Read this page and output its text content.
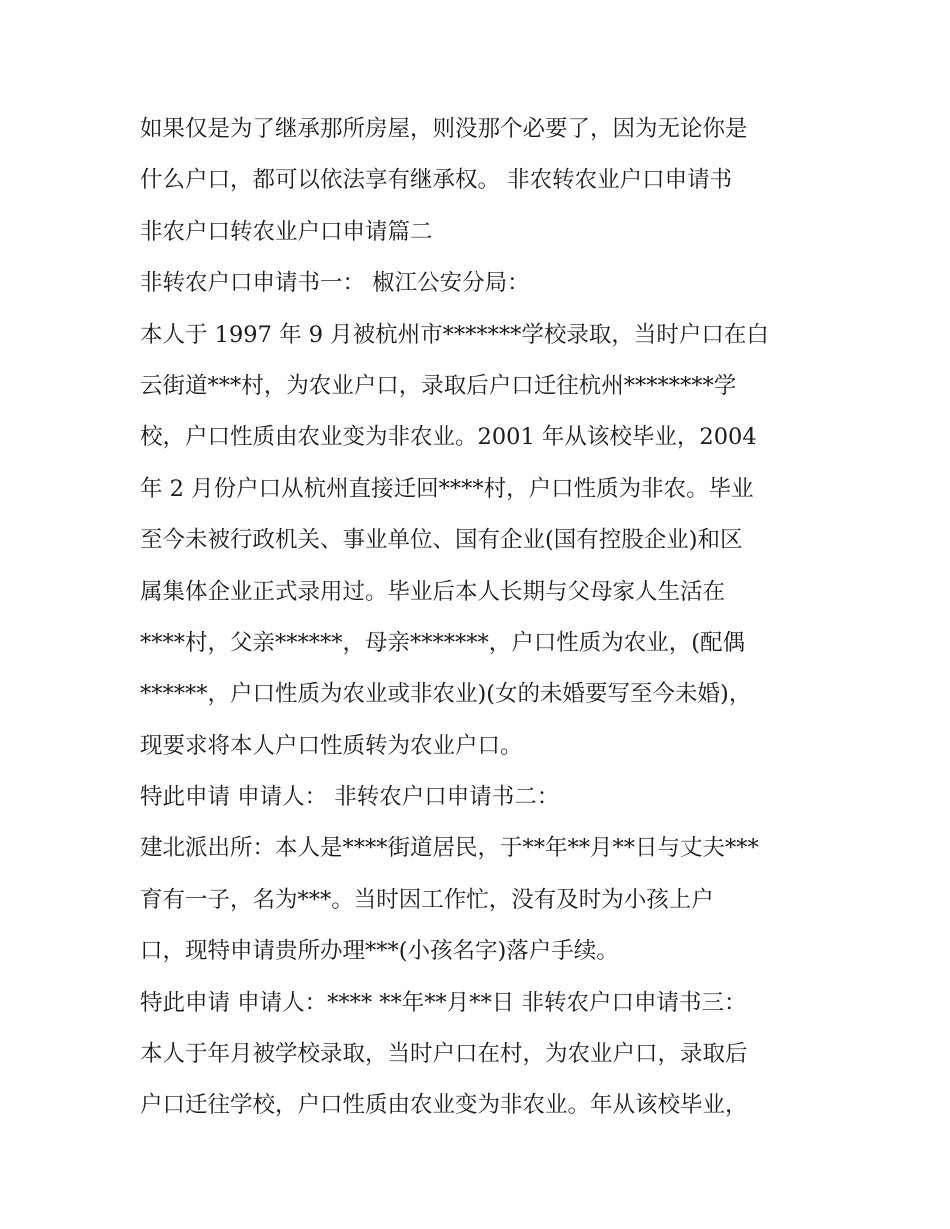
如果仅是为了继承那所房屋，则没那个必要了，因为无论你是
什么户口，都可以依法享有继承权。 非农转农业户口申请书
非农户口转农业户口申请篇二
非转农户口申请书一： 椒江公安分局：
本人于 1997 年 9 月被杭州市*******学校录取，当时户口在白
云街道***村，为农业户口，录取后户口迁往杭州********学
校，户口性质由农业变为非农业。2001 年从该校毕业，2004
年 2 月份户口从杭州直接迁回****村，户口性质为非农。毕业
至今未被行政机关、事业单位、国有企业(国有控股企业)和区
属集体企业正式录用过。毕业后本人长期与父母家人生活在
****村，父亲******，母亲*******，户口性质为农业，(配偶
******，户口性质为农业或非农业)(女的未婚要写至今未婚)，
现要求将本人户口性质转为农业户口。
特此申请 申请人： 非转农户口申请书二：
建北派出所：本人是****街道居民，于**年**月**日与丈夫***
育有一子，名为***。当时因工作忙，没有及时为小孩上户
口，现特申请贵所办理***(小孩名字)落户手续。
特此申请 申请人：**** **年**月**日 非转农户口申请书三：
本人于年月被学校录取，当时户口在村，为农业户口，录取后
户口迁往学校，户口性质由农业变为非农业。年从该校毕业，
